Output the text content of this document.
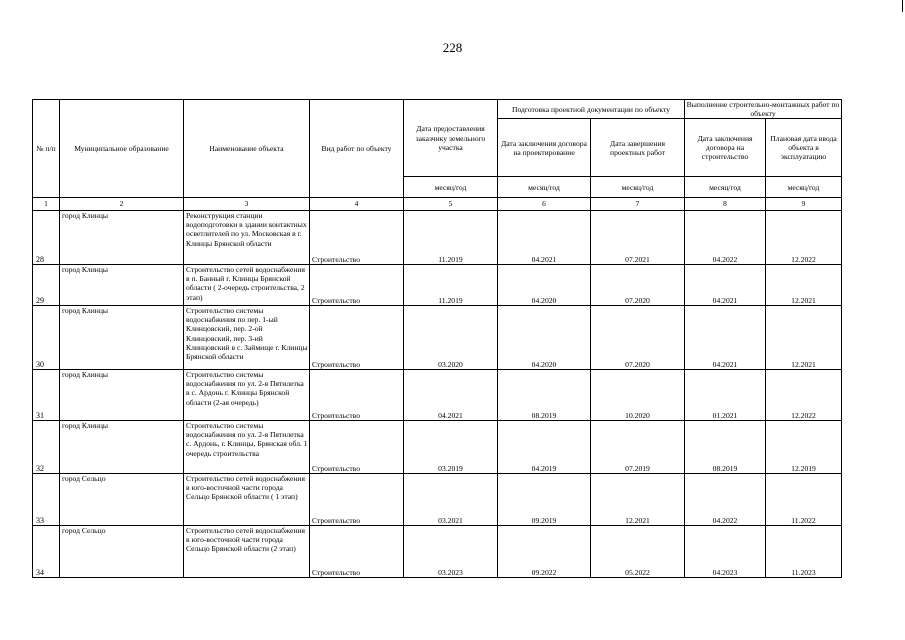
228
№ п/п	Муниципальное образование	Наименование объекта	Вид работ по объекту	Дата предоставления заказчику земельного участка	Подготовка проектной документации по объекту		Выполнение строительно-монтажных работ по объекту	
					Дата заключения договора на проектирование	Дата завершения проектных работ	Дата заключения договора на строительство	Плановая дата ввода объекта в эксплуатацию
				месяц/год	месяц/год	месяц/год	месяц/год	месяц/год
1	2	3	4	5	6	7	8	9
28	город Клинцы	Реконструкция станции водоподготовки в здании контактных осветлителей по ул. Московская в г. Клинцы Брянской области	Строительство	11.2019	04.2021	07.2021	04.2022	12.2022
29	город Клинцы	Строительство сетей водоснабжения в п. Банный г. Клинцы Брянской области ( 2-очередь строительства, 2 этап)	Строительство	11.2019	04.2020	07.2020	04.2021	12.2021
30	город Клинцы	Строительство системы водоснабжения по пер. 1-ый Клинцовский, пер. 2-ой Клинцовский, пер. 3-ий Клинцовский в с. Займище г. Клинцы Брянской области	Строительство	03.2020	04.2020	07.2020	04.2021	12.2021
31	город Клинцы	Строительство системы водоснабжения по ул. 2-я Пятилетка в с. Ардонь г. Клинцы Брянской области (2-ая очередь)	Строительство	04.2021	08.2019	10.2020	01.2021	12.2022
32	город Клинцы	Строительство системы водоснабжения по ул. 2-я Пятилетка с. Ардонь, г. Клинцы, Брянская обл. 1 очередь строительства	Строительство	03.2019	04.2019	07.2019	08.2019	12.2019
33	город Сельцо	Строительство сетей водоснабжения в юго-восточной части города Сельцо Брянской области ( 1 этап)	Строительство	03.2021	09.2019	12.2021	04.2022	11.2022
34	город Сельцо	Строительство сетей водоснабжения в юго-восточной части города Сельцо Брянской области (2 этап)	Строительство	03.2023	09.2022	05.2022	04.2023	11.2023
